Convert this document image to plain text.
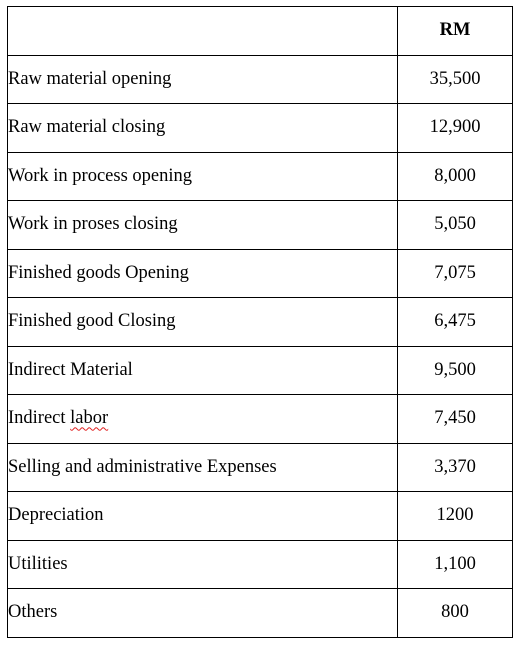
	RM
Raw material opening	35,500
Raw material closing	12,900
Work in process opening	8,000
Work in proses closing	5,050
Finished goods Opening	7,075
Finished good Closing	6,475
Indirect Material	9,500
Indirect labor	7,450
Selling and administrative Expenses	3,370
Depreciation	1200
Utilities	1,100
Others	800
